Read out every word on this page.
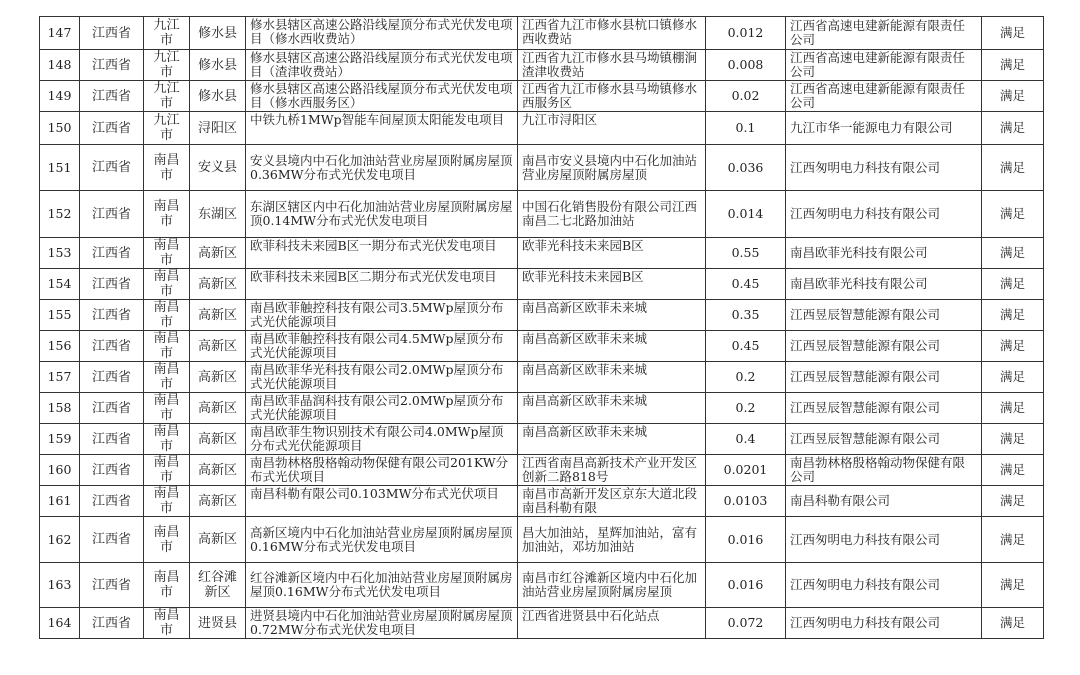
147	江西省	九江市	修水县	修水县辖区高速公路沿线屋顶分布式光伏发电项目（修水西收费站）	江西省九江市修水县杭口镇修水西收费站	0.012	江西省高速电建新能源有限责任公司	满足
148	江西省	九江市	修水县	修水县辖区高速公路沿线屋顶分布式光伏发电项目（渣津收费站）	江西省九江市修水县马坳镇棚涧渣津收费站	0.008	江西省高速电建新能源有限责任公司	满足
149	江西省	九江市	修水县	修水县辖区高速公路沿线屋顶分布式光伏发电项目（修水西服务区）	江西省九江市修水县马坳镇修水西服务区	0.02	江西省高速电建新能源有限责任公司	满足
150	江西省	九江市	浔阳区	中铁九桥1MWp智能车间屋顶太阳能发电项目	九江市浔阳区	0.1	九江市华一能源电力有限公司	满足
151	江西省	南昌市	安义县	安义县境内中石化加油站营业房屋顶附属房屋顶0.36MW分布式光伏发电项目	南昌市安义县境内中石化加油站营业房屋顶附属房屋顶	0.036	江西匆明电力科技有限公司	满足
152	江西省	南昌市	东湖区	东湖区辖区内中石化加油站营业房屋顶附属房屋顶0.14MW分布式光伏发电项目	中国石化销售股份有限公司江西南昌二七北路加油站	0.014	江西匆明电力科技有限公司	满足
153	江西省	南昌市	高新区	欧菲科技未来园B区一期分布式光伏发电项目	欧菲光科技未来园B区	0.55	南昌欧菲光科技有限公司	满足
154	江西省	南昌市	高新区	欧菲科技未来园B区二期分布式光伏发电项目	欧菲光科技未来园B区	0.45	南昌欧菲光科技有限公司	满足
155	江西省	南昌市	高新区	南昌欧菲触控科技有限公司3.5MWp屋顶分布式光伏能源项目	南昌高新区欧菲未来城	0.35	江西昱辰智慧能源有限公司	满足
156	江西省	南昌市	高新区	南昌欧菲触控科技有限公司4.5MWp屋顶分布式光伏能源项目	南昌高新区欧菲未来城	0.45	江西昱辰智慧能源有限公司	满足
157	江西省	南昌市	高新区	南昌欧菲华光科技有限公司2.0MWp屋顶分布式光伏能源项目	南昌高新区欧菲未来城	0.2	江西昱辰智慧能源有限公司	满足
158	江西省	南昌市	高新区	南昌欧菲晶润科技有限公司2.0MWp屋顶分布式光伏能源项目	南昌高新区欧菲未来城	0.2	江西昱辰智慧能源有限公司	满足
159	江西省	南昌市	高新区	南昌欧菲生物识别技术有限公司4.0MWp屋顶分布式光伏能源项目	南昌高新区欧菲未来城	0.4	江西昱辰智慧能源有限公司	满足
160	江西省	南昌市	高新区	南昌勃林格殷格翰动物保健有限公司201KW分布式光伏项目	江西省南昌高新技术产业开发区创新二路818号	0.0201	南昌勃林格殷格翰动物保健有限公司	满足
161	江西省	南昌市	高新区	南昌科勒有限公司0.103MW分布式光伏项目	南昌市高新开发区京东大道北段南昌科勒有限	0.0103	南昌科勒有限公司	满足
162	江西省	南昌市	高新区	高新区境内中石化加油站营业房屋顶附属房屋顶0.16MW分布式光伏发电项目	昌大加油站，星辉加油站，富有加油站，邓坊加油站	0.016	江西匆明电力科技有限公司	满足
163	江西省	南昌市	红谷滩新区	红谷滩新区境内中石化加油站营业房屋顶附属房屋顶0.16MW分布式光伏发电项目	南昌市红谷滩新区境内中石化加油站营业房屋顶附属房屋顶	0.016	江西匆明电力科技有限公司	满足
164	江西省	南昌市	进贤县	进贤县境内中石化加油站营业房屋顶附属房屋顶0.72MW分布式光伏发电项目	江西省进贤县中石化站点	0.072	江西匆明电力科技有限公司	满足
